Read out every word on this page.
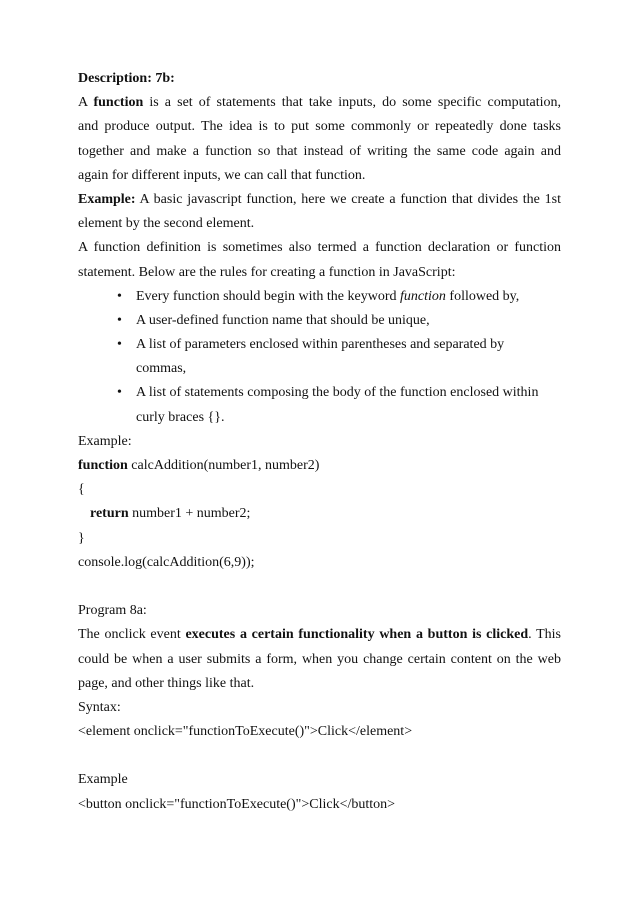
Description: 7b:
A function is a set of statements that take inputs, do some specific computation,
and produce output. The idea is to put some commonly or repeatedly done tasks
together and make a function so that instead of writing the same code again and
again for different inputs, we can call that function.
Example: A basic javascript function, here we create a function that divides the 1st
element by the second element.
A function definition is sometimes also termed a function declaration or function
statement. Below are the rules for creating a function in JavaScript:
• Every function should begin with the keyword function followed by,
• A user-defined function name that should be unique,
• A list of parameters enclosed within parentheses and separated by
commas,
• A list of statements composing the body of the function enclosed within
curly braces {}.
Example:
function calcAddition(number1, number2)
{
return number1 + number2;
}
console.log(calcAddition(6,9));
Program 8a:
The onclick event executes a certain functionality when a button is clicked. This
could be when a user submits a form, when you change certain content on the web
page, and other things like that.
Syntax:
<element onclick="functionToExecute()">Click</element>
Example
<button onclick="functionToExecute()">Click</button>
